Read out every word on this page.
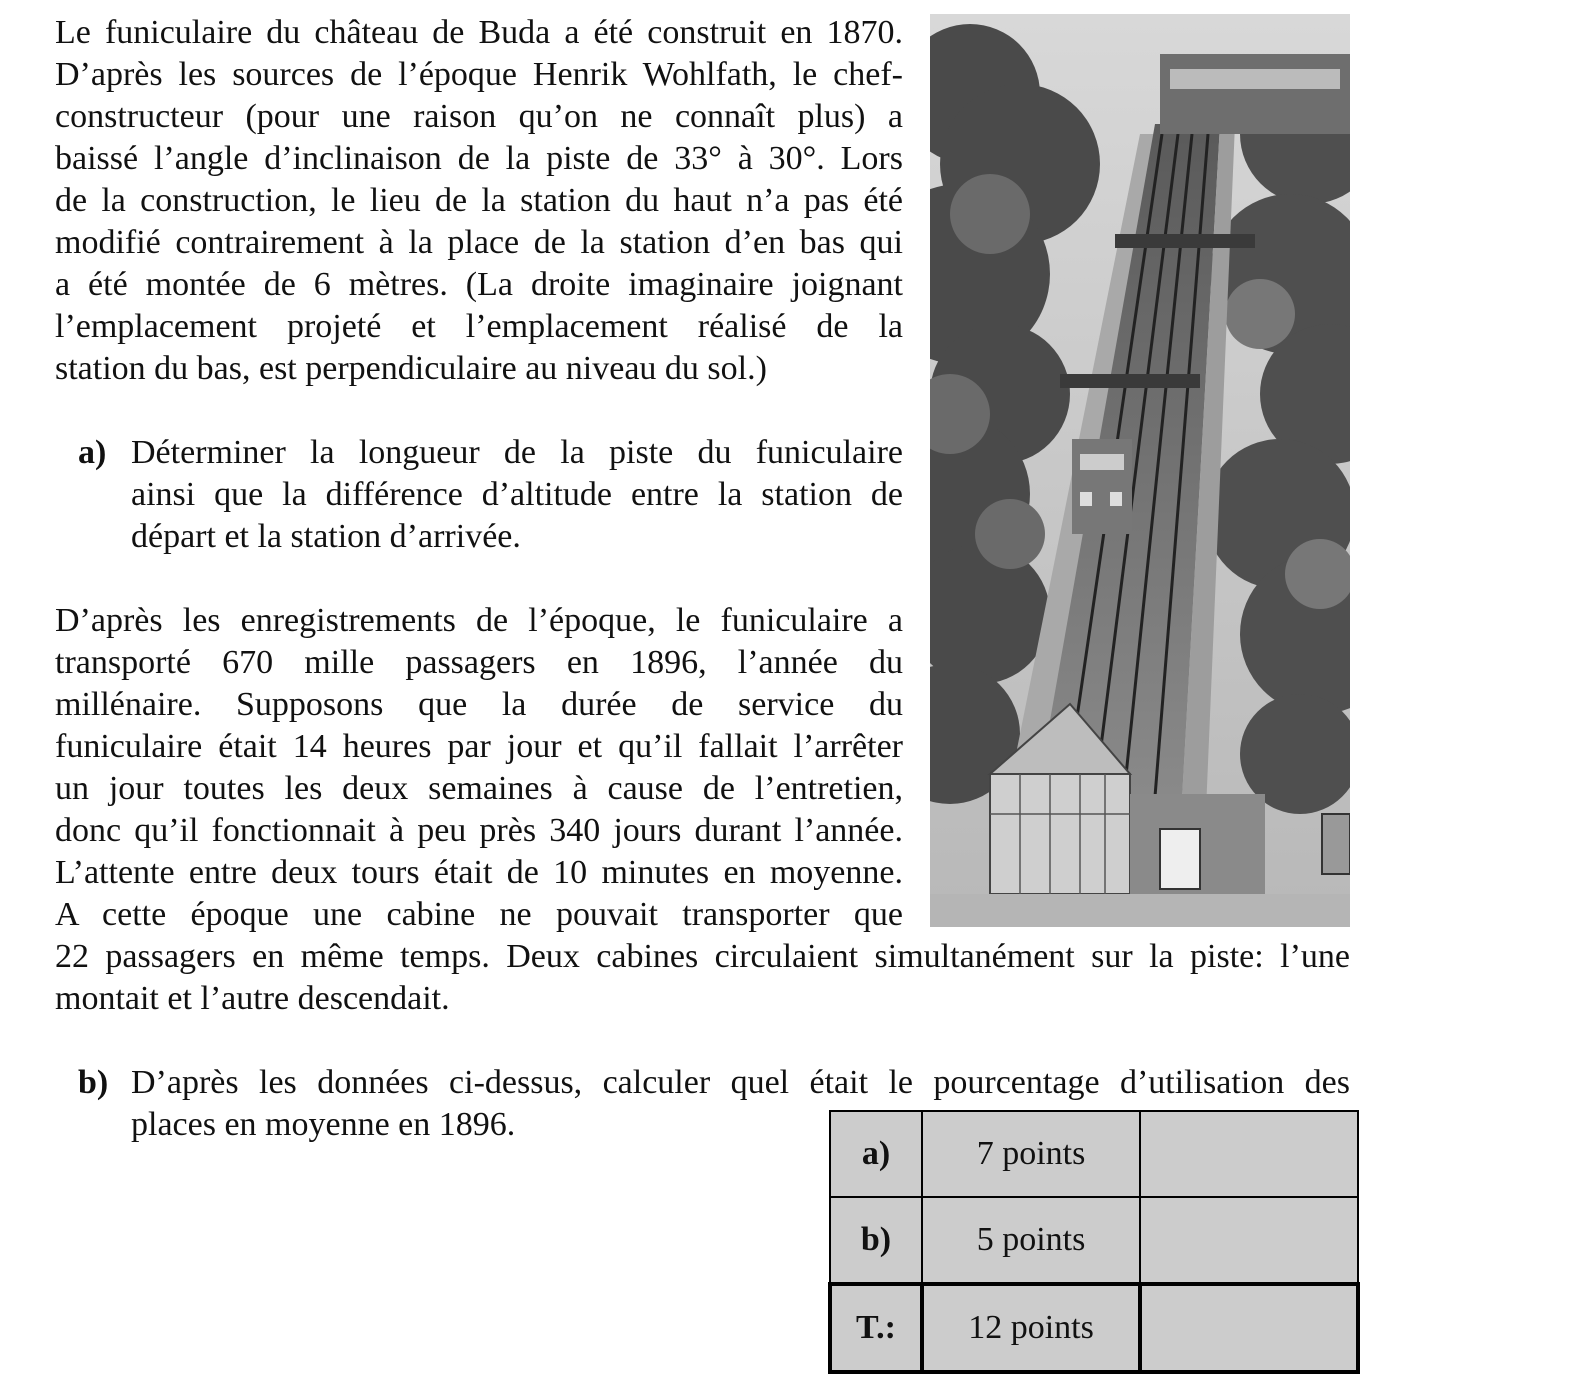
Le funiculaire du château de Buda a été construit en 1870.
D’après les sources de l’époque Henrik Wohlfath, le chef-
constructeur (pour une raison qu’on ne connaît plus) a
baissé l’angle d’inclinaison de la piste de 33° à 30°. Lors
de la construction, le lieu de la station du haut n’a pas été
modifié contrairement à la place de la station d’en bas qui
a été montée de 6 mètres. (La droite imaginaire joignant
l’emplacement projeté et l’emplacement réalisé de la
station du bas, est perpendiculaire au niveau du sol.)
a) Déterminer la longueur de la piste du funiculaire
ainsi que la différence d’altitude entre la station de
départ et la station d’arrivée.
D’après les enregistrements de l’époque, le funiculaire a
transporté 670 mille passagers en 1896, l’année du
millénaire. Supposons que la durée de service du
funiculaire était 14 heures par jour et qu’il fallait l’arrêter
un jour toutes les deux semaines à cause de l’entretien,
donc qu’il fonctionnait à peu près 340 jours durant l’année.
L’attente entre deux tours était de 10 minutes en moyenne.
A cette époque une cabine ne pouvait transporter que
22 passagers en même temps. Deux cabines circulaient simultanément sur la piste: l’une
montait et l’autre descendait.
b) D’après les données ci-dessus, calculer quel était le pourcentage d’utilisation des
places en moyenne en 1896.
a)	7 points	
b)	5 points	
T.:	12 points	
